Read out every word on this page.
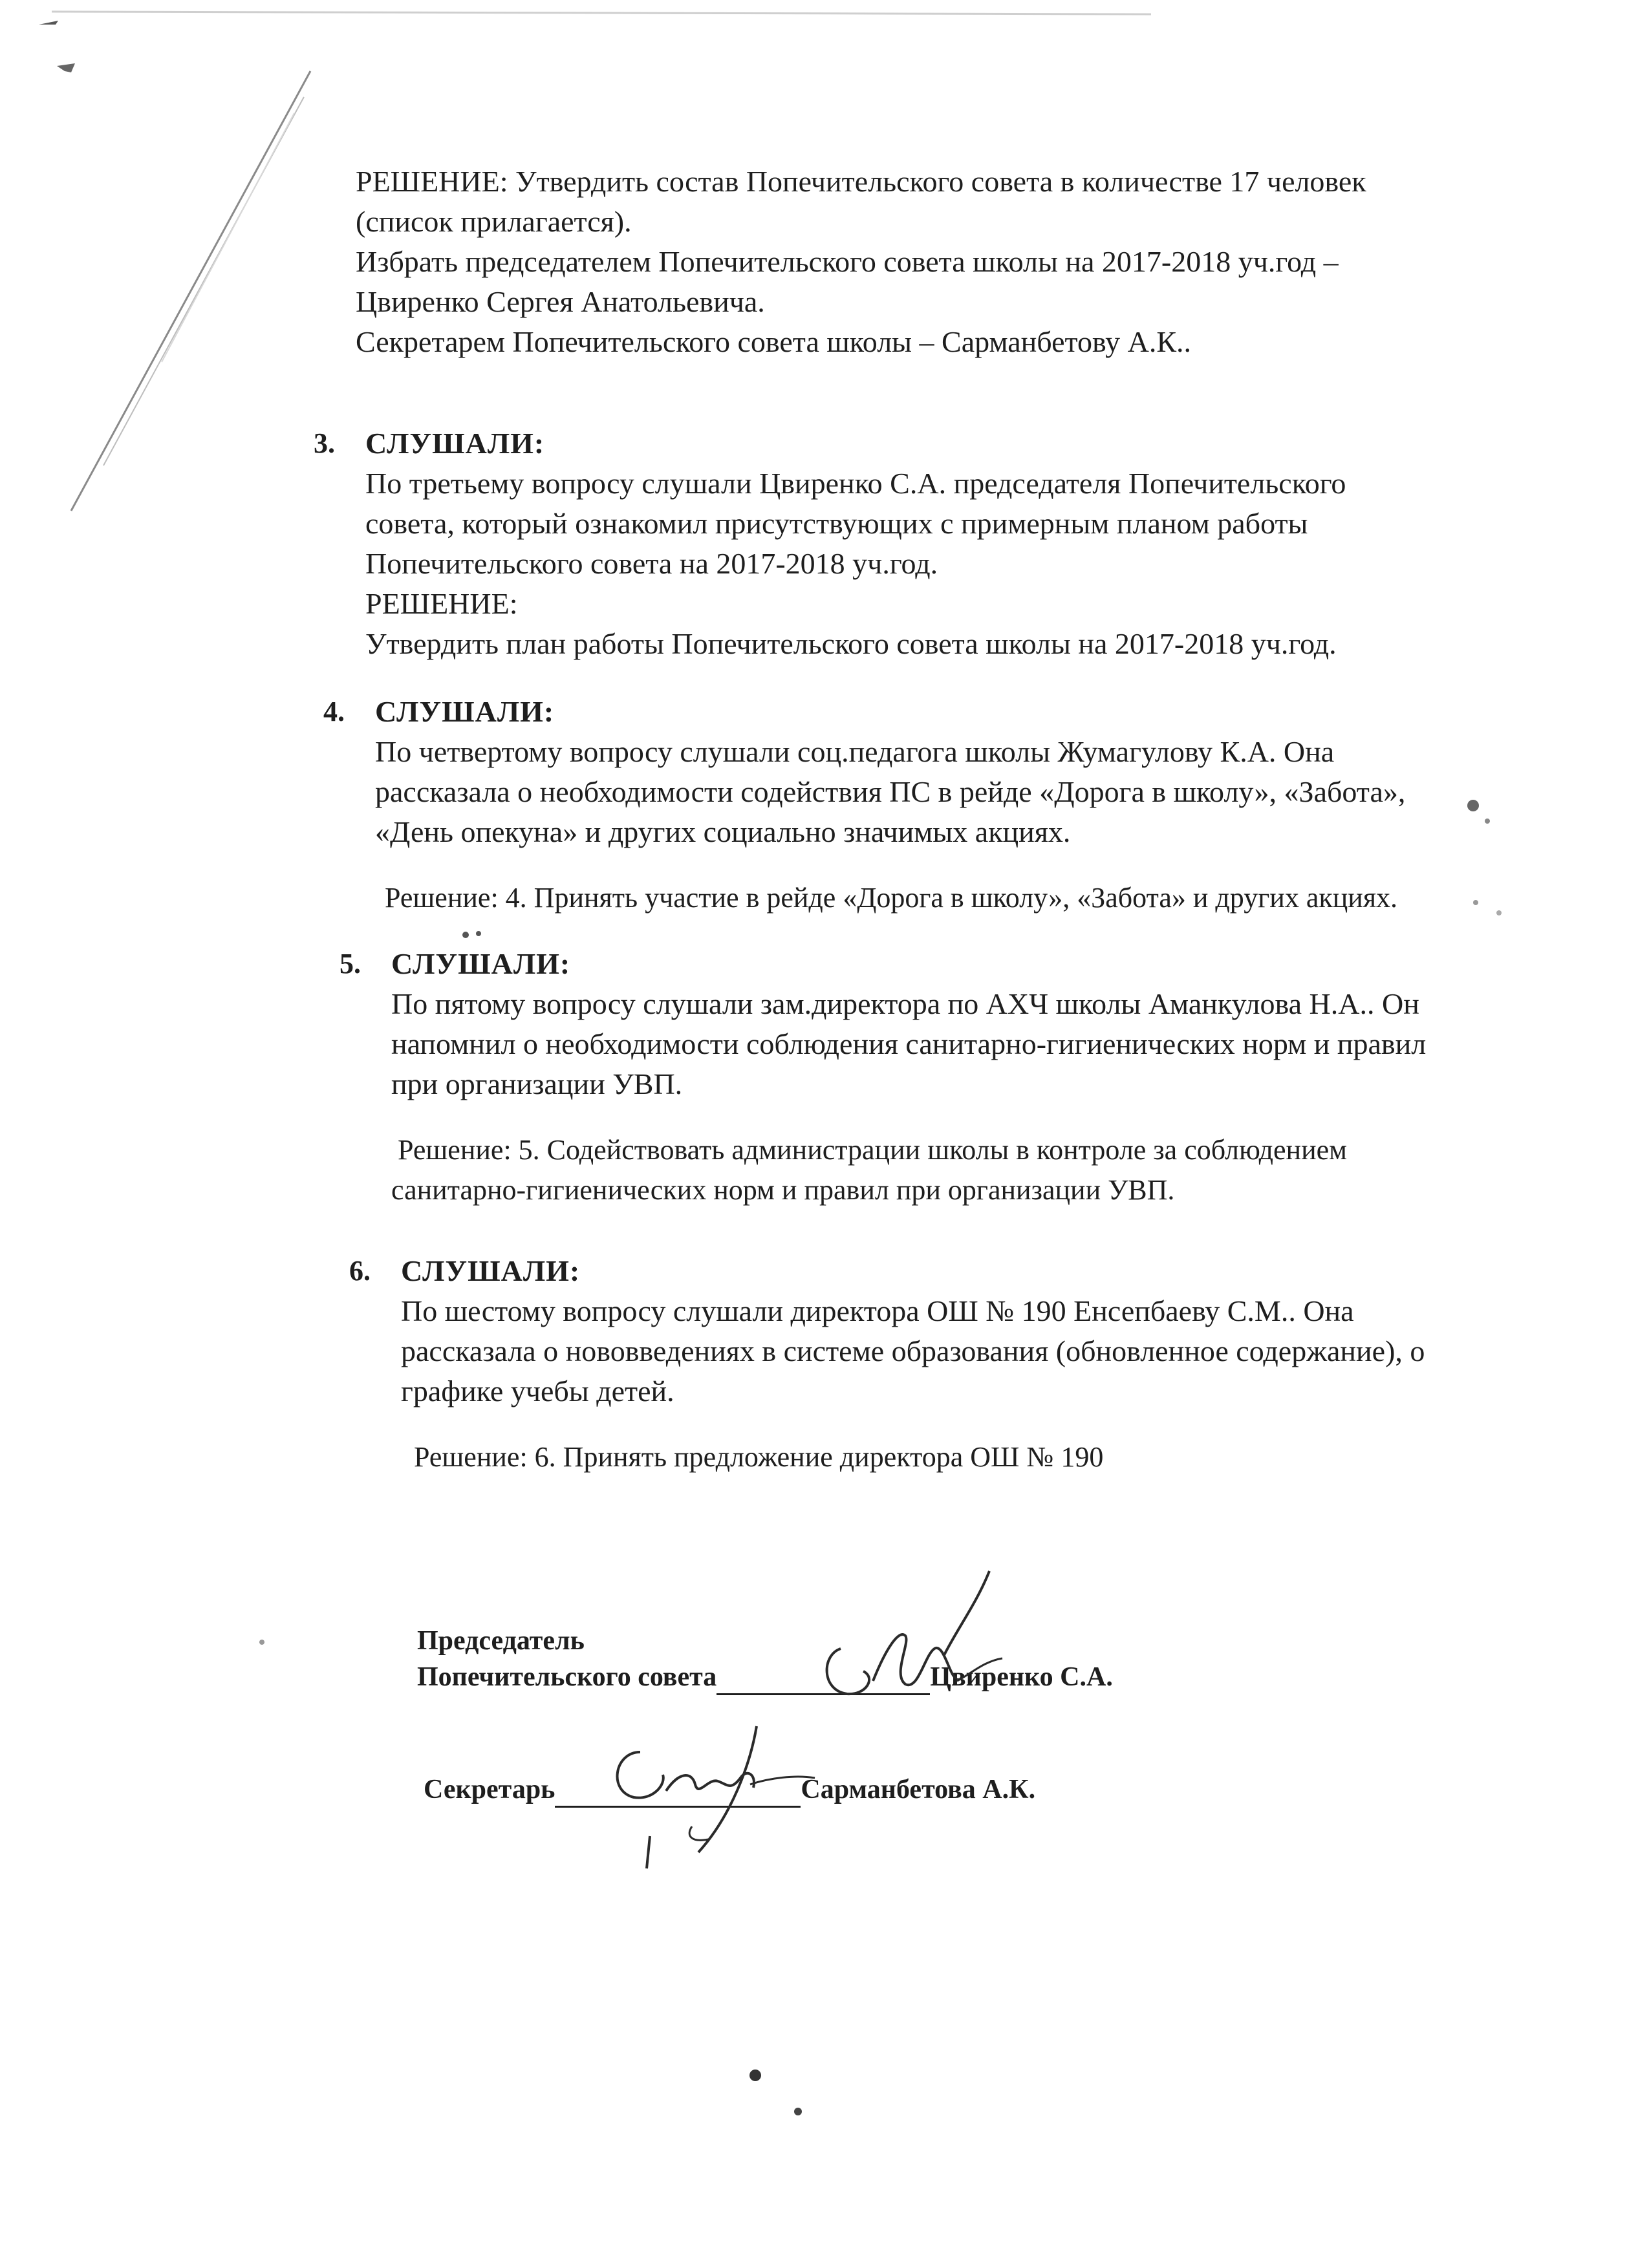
РЕШЕНИЕ: Утвердить состав Попечительского совета в количестве 17 человек
(список прилагается).
Избрать председателем Попечительского совета школы на 2017-2018 уч.год –
Цвиренко Сергея Анатольевича.
Секретарем Попечительского совета школы – Сарманбетову А.К..
3. СЛУШАЛИ:
По третьему вопросу слушали Цвиренко С.А. председателя Попечительского
совета, который ознакомил присутствующих с примерным планом работы
Попечительского совета на 2017-2018 уч.год.
РЕШЕНИЕ:
Утвердить план работы Попечительского совета школы на 2017-2018 уч.год.
4. СЛУШАЛИ:
По четвертому вопросу слушали соц.педагога школы Жумагулову К.А. Она
рассказала о необходимости содействия ПС в рейде «Дорога в школу», «Забота»,
«День опекуна» и других социально значимых акциях.
Решение: 4. Принять участие в рейде «Дорога в школу», «Забота» и других акциях.
5. СЛУШАЛИ:
По пятому вопросу слушали зам.директора по АХЧ школы Аманкулова Н.А.. Он
напомнил о необходимости соблюдения санитарно-гигиенических норм и правил
при организации УВП.
Решение: 5. Содействовать администрации школы в контроле за соблюдением
санитарно-гигиенических норм и правил при организации УВП.
6. СЛУШАЛИ:
По шестому вопросу слушали директора ОШ № 190 Енсепбаеву С.М.. Она
рассказала о нововведениях в системе образования (обновленное содержание), о
графике учебы детей.
Решение: 6. Принять предложение директора ОШ № 190
Председатель
Попечительского совета	Цвиренко С.А.
Секретарь	Сарманбетова А.К.
